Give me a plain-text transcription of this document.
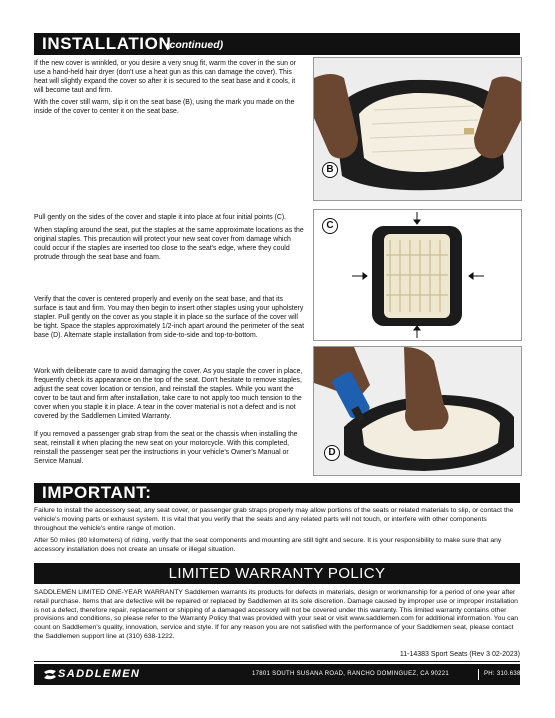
INSTALLATION
(continued)

If the new cover is wrinkled, or you desire a very snug fit, warm the cover in the sun or use a hand-held hair dryer (don't use a heat gun as this can damage the cover). This heat will slightly expand the cover so after it is secured to the seat base and it cools, it will become taut and firm.

With the cover still warm, slip it on the seat base (B), using the mark you made on the inside of the cover to center it on the seat base.

Pull gently on the sides of the cover and staple it into place at four initial points (C).

When stapling around the seat, put the staples at the same approximate locations as the original staples. This precaution will protect your new seat cover from damage which could occur if the staples are inserted too close to the seat's edge, where they could protrude through the seat base and foam.

Verify that the cover is centered properly and evenly on the seat base, and that its surface is taut and firm. You may then begin to insert other staples using your upholstery stapler. Pull gently on the cover as you staple it in place so the surface of the cover will be tight. Space the staples approximately 1/2-inch apart around the perimeter of the seat base (D). Alternate staple installation from side-to-side and top-to-bottom.

Work with deliberate care to avoid damaging the cover. As you staple the cover in place, frequently check its appearance on the top of the seat. Don't hesitate to remove staples, adjust the seat cover location or tension, and reinstall the staples. While you want the cover to be taut and firm after installation, take care to not apply too much tension to the cover when you staple it in place. A tear in the cover material is not a defect and is not covered by the Saddlemen Limited Warranty.

If you removed a passenger grab strap from the seat or the chassis when installing the seat, reinstall it when placing the new seat on your motorcycle. With this completed, reinstall the passenger seat per the instructions in your vehicle's Owner's Manual or Service Manual.

B
C
D
IMPORTANT:

Failure to install the accessory seat, any seat cover, or passenger grab straps properly may allow portions of the seats or related materials to slip, or contact the vehicle's moving parts or exhaust system. It is vital that you verify that the seats and any related parts will not touch, or interfere with other components throughout the vehicle's entire range of motion.

After 50 miles (80 kilometers) of riding, verify that the seat components and mounting are still tight and secure. It is your responsibility to make sure that any accessory installation does not create an unsafe or illegal situation.

LIMITED WARRANTY POLICY

SADDLEMEN LIMITED ONE-YEAR WARRANTY Saddlemen warrants its products for defects in materials, design or workmanship for a period of one year after retail purchase. Items that are defective will be repaired or replaced by Saddlemen at its sole discretion. Damage caused by improper use or improper installation is not a defect, therefore repair, replacement or shipping of a damaged accessory will not be covered under this warranty. This limited warranty contains other provisions and conditions, so please refer to the Warranty Policy that was provided with your seat or visit www.saddlemen.com for additional information. You can count on Saddlemen's quality, innovation, service and style. If for any reason you are not satisfied with the performance of your Saddlemen seat, please contact the Saddlemen support line at (310) 638-1222.

11-14383 Sport Seats (Rev 3 02-2023)
SADDLEMEN	17801 SOUTH SUSANA ROAD, RANCHO DOMINGUEZ, CA 90221	PH: 310.638.1222
